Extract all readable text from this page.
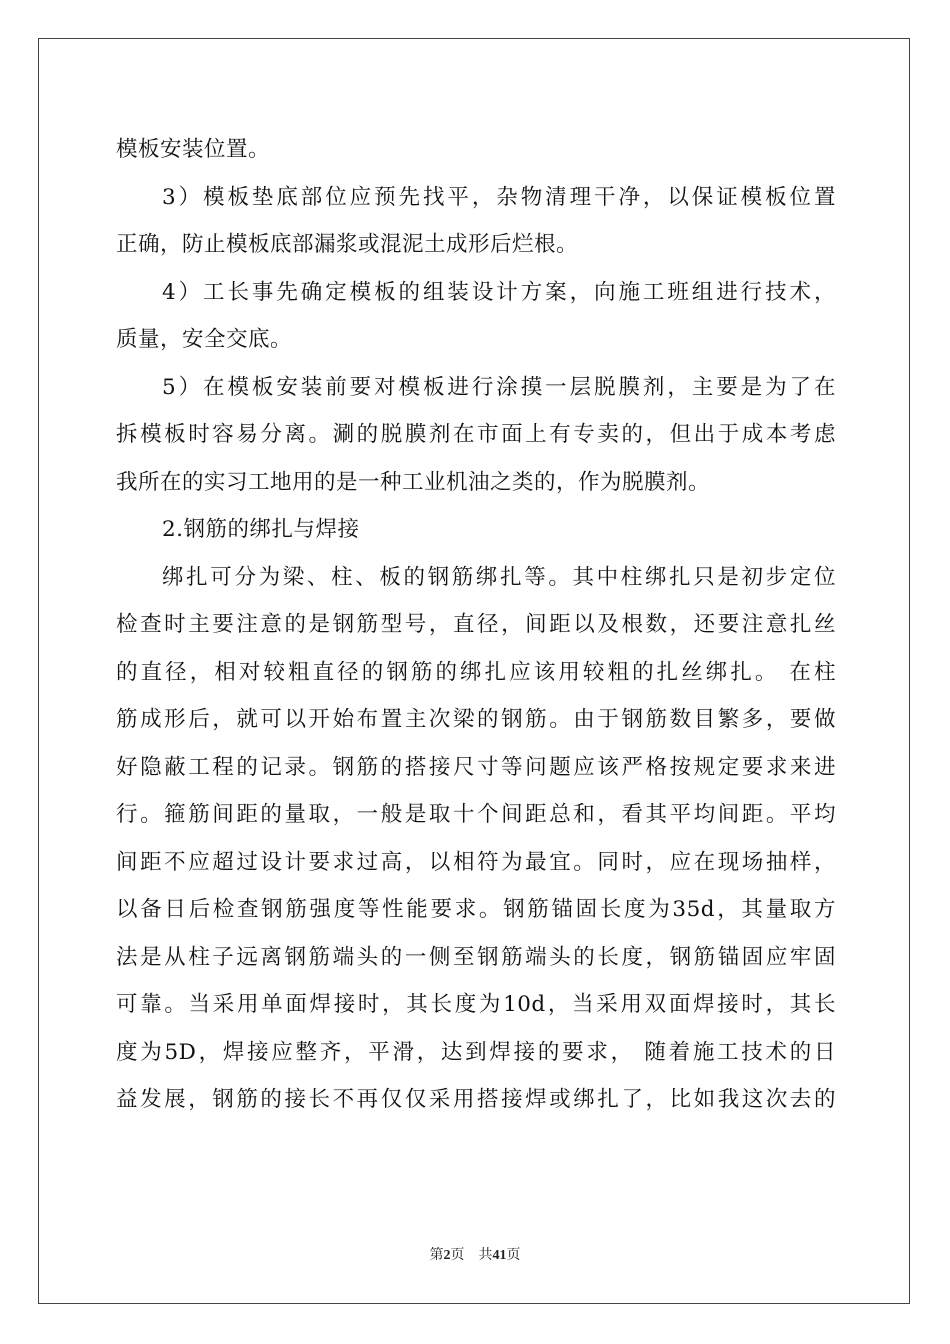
模板安装位置。
3）模板垫底部位应预先找平，杂物清理干净，以保证模板位置
正确，防止模板底部漏浆或混泥土成形后烂根。
4）工长事先确定模板的组装设计方案，向施工班组进行技术，
质量，安全交底。
5）在模板安装前要对模板进行涂摸一层脱膜剂，主要是为了在
拆模板时容易分离。涮的脱膜剂在市面上有专卖的，但出于成本考虑
我所在的实习工地用的是一种工业机油之类的，作为脱膜剂。
2.钢筋的绑扎与焊接
绑扎可分为梁、柱、板的钢筋绑扎等。其中柱绑扎只是初步定位
检查时主要注意的是钢筋型号，直径，间距以及根数，还要注意扎丝
的直径，相对较粗直径的钢筋的绑扎应该用较粗的扎丝绑扎。 在柱
筋成形后，就可以开始布置主次梁的钢筋。由于钢筋数目繁多，要做
好隐蔽工程的记录。钢筋的搭接尺寸等问题应该严格按规定要求来进
行。箍筋间距的量取，一般是取十个间距总和，看其平均间距。平均
间距不应超过设计要求过高，以相符为最宜。同时，应在现场抽样，
以备日后检查钢筋强度等性能要求。钢筋锚固长度为35d，其量取方
法是从柱子远离钢筋端头的一侧至钢筋端头的长度，钢筋锚固应牢固
可靠。当采用单面焊接时，其长度为10d，当采用双面焊接时，其长
度为5D，焊接应整齐，平滑，达到焊接的要求， 随着施工技术的日
益发展，钢筋的接长不再仅仅采用搭接焊或绑扎了，比如我这次去的
第2页 共41页
